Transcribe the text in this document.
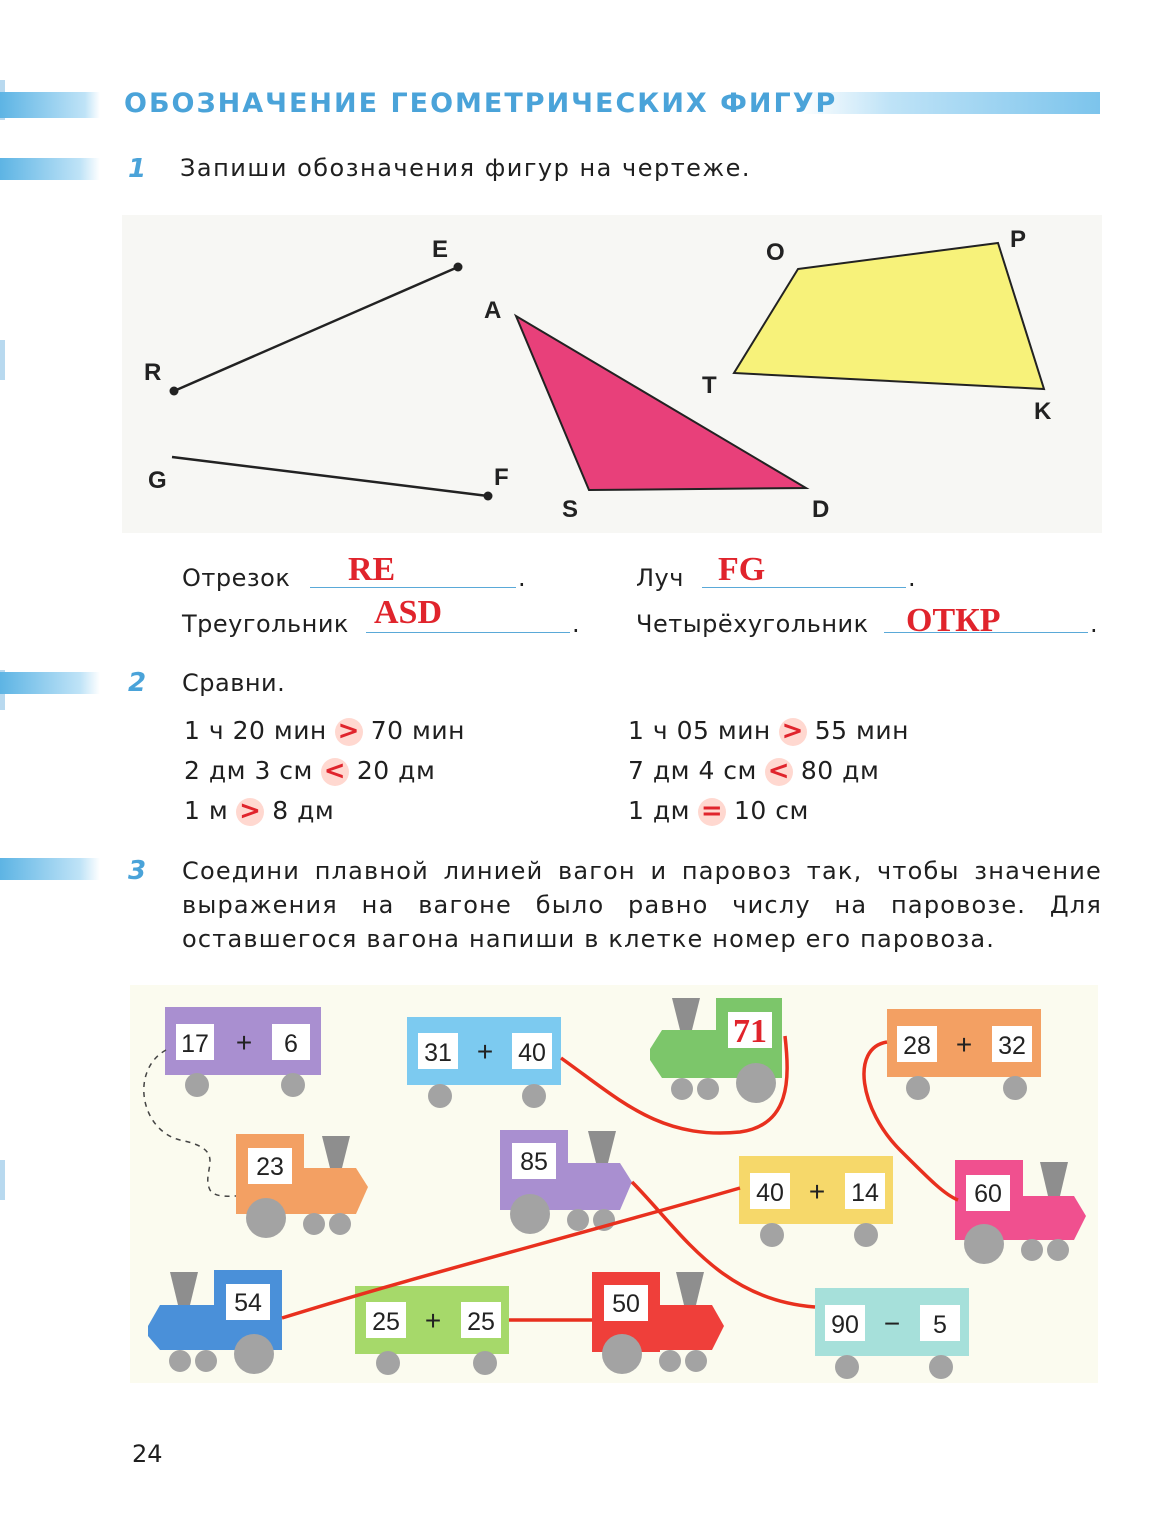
ОБОЗНАЧЕНИЕ ГЕОМЕТРИЧЕСКИХ ФИГУР
1 Запиши обозначения фигур на чертеже.
E
R
G	F
A
S	D
O	P
T
K
Отрезок RE	.	Луч FG	.
Треугольник ASD	. Четырёхугольник ОТКР	.
2 Сравни.
1 ч 20 мин > 70 мин
2 дм 3 см < 20 дм
1 м > 8 дм
1 ч 05 мин > 55 мин
7 дм 4 см < 80 дм
1 дм = 10 см
3 Соедини плавной линией вагон и паровоз так, чтобы значение выражения на вагоне было равно числу на паровозе. Для оставшегося вагона напиши в клетке номер его паровоза.
17 + 6	31 + 40	28 + 32
40 + 14
25 + 25	90 − 5
71
23	85
60
54	50
24
